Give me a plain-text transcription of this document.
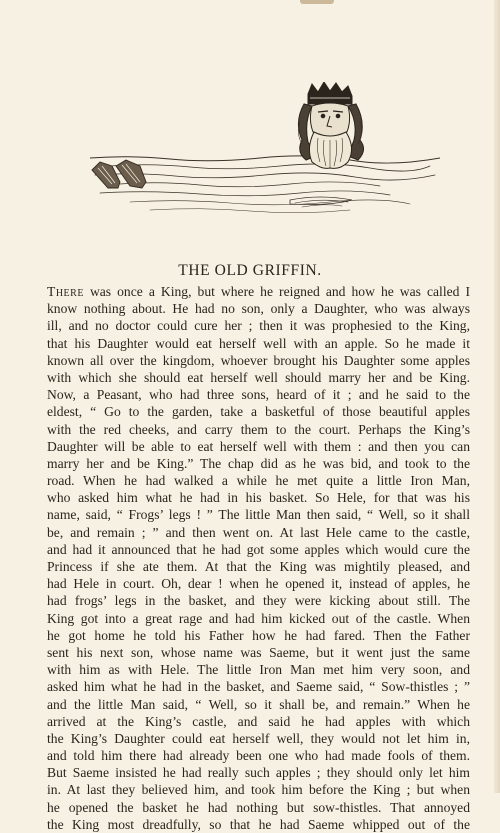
THE OLD GRIFFIN.
There was once a King, but where he reigned and how he was called I
know nothing about. He had no son, only a Daughter, who was always
ill, and no doctor could cure her ; then it was prophesied to the King,
that his Daughter would eat herself well with an apple. So he made it
known all over the kingdom, whoever brought his Daughter some apples
with which she should eat herself well should marry her and be King.
Now, a Peasant, who had three sons, heard of it ; and he said to the
eldest, “ Go to the garden, take a basketful of those beautiful apples
with the red cheeks, and carry them to the court. Perhaps the King’s
Daughter will be able to eat herself well with them : and then you can
marry her and be King.” The chap did as he was bid, and took to the
road. When he had walked a while he met quite a little Iron Man,
who asked him what he had in his basket. So Hele, for that was his
name, said, “ Frogs’ legs ! ” The little Man then said, “ Well, so it shall
be, and remain ; ” and then went on. At last Hele came to the castle,
and had it announced that he had got some apples which would cure the
Princess if she ate them. At that the King was mightily pleased, and
had Hele in court. Oh, dear ! when he opened it, instead of apples, he
had frogs’ legs in the basket, and they were kicking about still. The
King got into a great rage and had him kicked out of the castle. When
he got home he told his Father how he had fared. Then the Father
sent his next son, whose name was Saeme, but it went just the same
with him as with Hele. The little Iron Man met him very soon, and
asked him what he had in the basket, and Saeme said, “ Sow-thistles ; ”
and the little Man said, “ Well, so it shall be, and remain.” When he
arrived at the King’s castle, and said he had apples with which
the King’s Daughter could eat herself well, they would not let him in,
and told him there had already been one who had made fools of them.
But Saeme insisted he had really such apples ; they should only let him
in. At last they believed him, and took him before the King ; but when
he opened the basket he had nothing but sow-thistles. That annoyed
the King most dreadfully, so that he had Saeme whipped out of the
